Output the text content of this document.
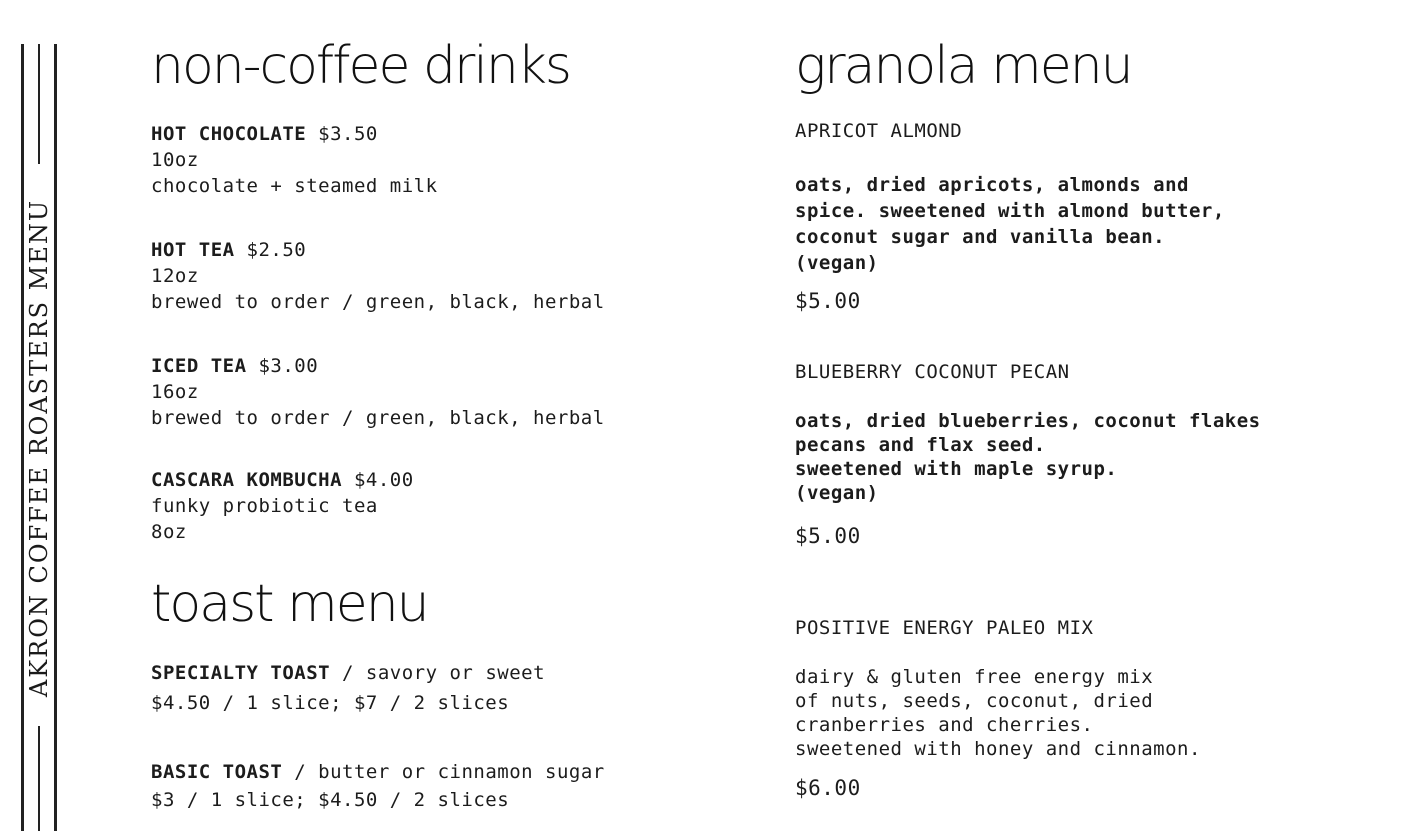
AKRON COFFEE ROASTERS MENU
non-coffee drinks
HOT CHOCOLATE $3.50
10oz
chocolate + steamed milk
HOT TEA $2.50
12oz
brewed to order / green, black, herbal
ICED TEA $3.00
16oz
brewed to order / green, black, herbal
CASCARA KOMBUCHA $4.00
funky probiotic tea
8oz
toast menu
SPECIALTY TOAST / savory or sweet
$4.50 / 1 slice; $7 / 2 slices
BASIC TOAST / butter or cinnamon sugar
$3 / 1 slice; $4.50 / 2 slices
granola menu
APRICOT ALMOND
oats, dried apricots, almonds and
spice. sweetened with almond butter,
coconut sugar and vanilla bean.
(vegan)
$5.00
BLUEBERRY COCONUT PECAN
oats, dried blueberries, coconut flakes
pecans and flax seed.
sweetened with maple syrup.
(vegan)
$5.00
POSITIVE ENERGY PALEO MIX
dairy & gluten free energy mix
of nuts, seeds, coconut, dried
cranberries and cherries.
sweetened with honey and cinnamon.
$6.00
